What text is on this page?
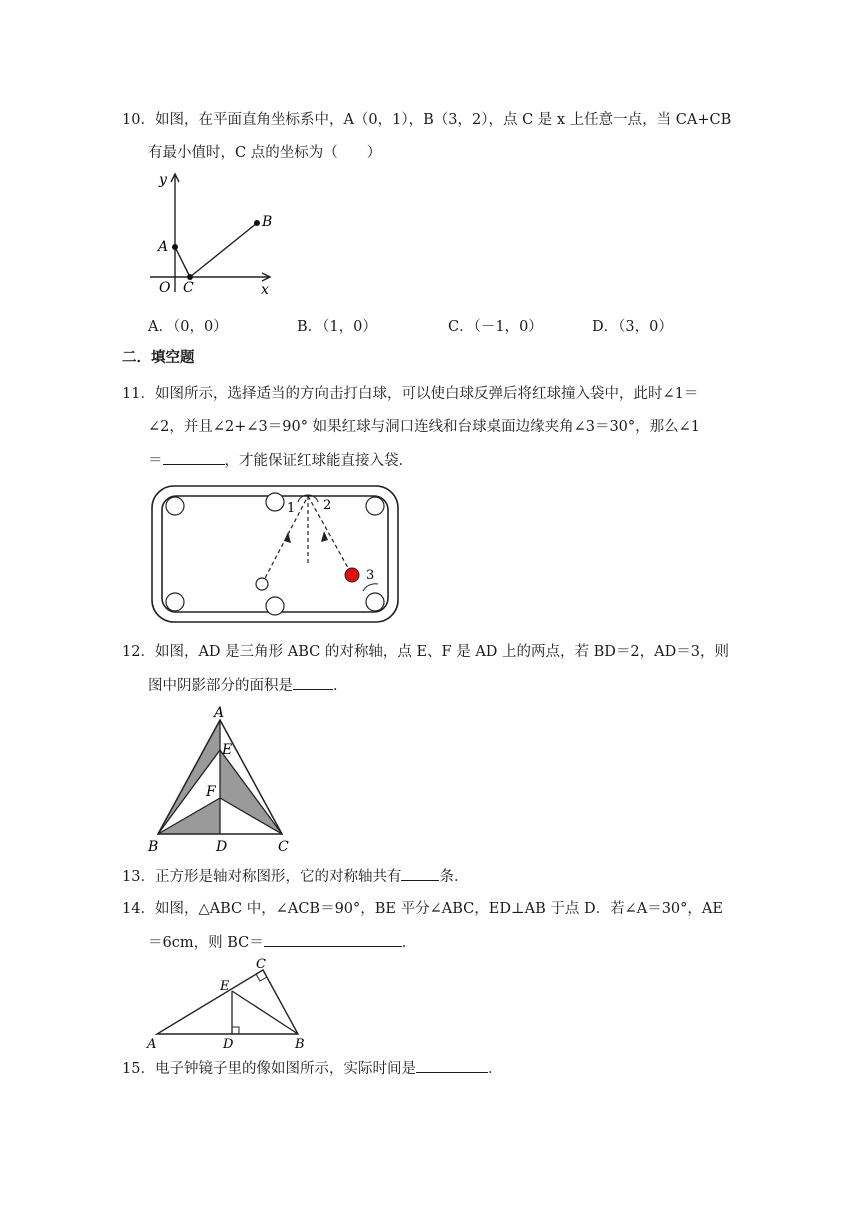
10．如图，在平面直角坐标系中，A（0，1），B（3，2），点 C 是 x 上任意一点，当 CA+CB
有最小值时，C 点的坐标为（　　）
y
x
O
A
B
C
A．（0，0）	B．（1，0）	C．（－1，0）	D．（3，0）
二．填空题
11．如图所示，选择适当的方向击打白球，可以使白球反弹后将红球撞入袋中，此时∠1＝
∠2，并且∠2+∠3＝90° 如果红球与洞口连线和台球桌面边缘夹角∠3＝30°，那么∠1
＝	，才能保证红球能直接入袋．
1 2
3
12．如图，AD 是三角形 ABC 的对称轴，点 E、F 是 AD 上的两点，若 BD＝2，AD＝3，则
图中阴影部分的面积是	．
A
E
F
B	D	C
13．正方形是轴对称图形，它的对称轴共有	条．
14．如图，△ABC 中，∠ACB＝90°，BE 平分∠ABC，ED⊥AB 于点 D．若∠A＝30°，AE
＝6cm，则 BC＝	．
A	D	B
E
C
15．电子钟镜子里的像如图所示，实际时间是	．
